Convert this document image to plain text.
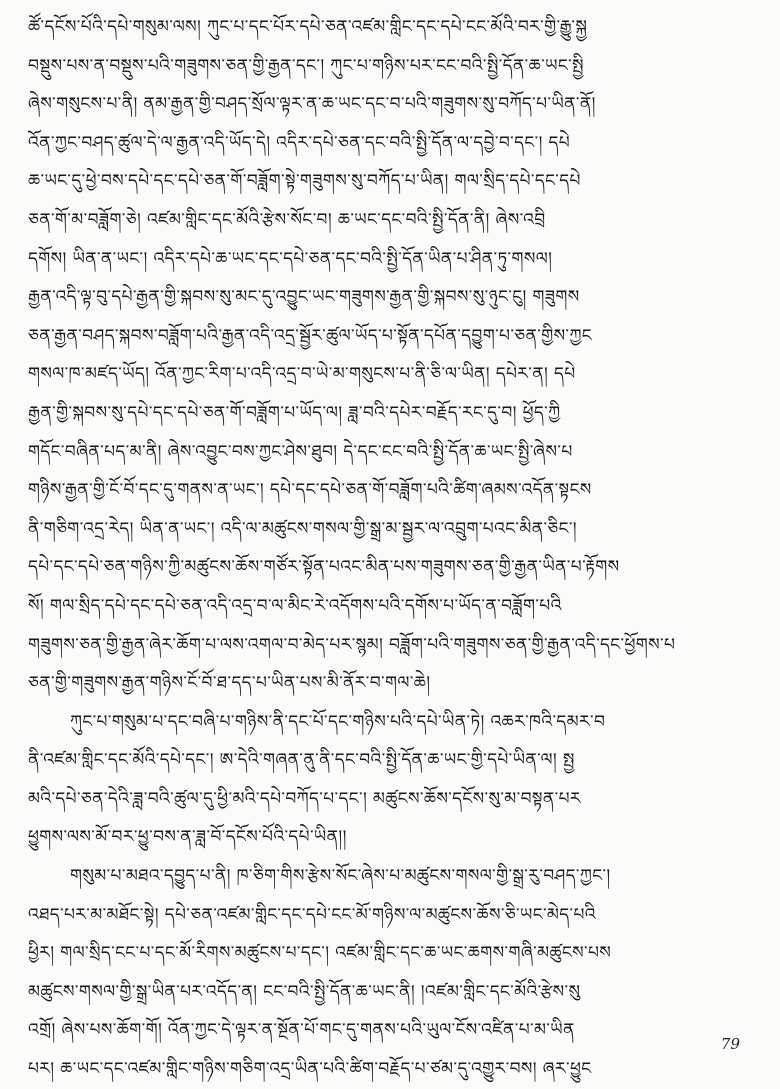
ཚོ་དངོས་པོའི་དཔེ་གསུམ་ལས། ཀུང་པ་དང་པོར་དཔེ་ཅན་འཛམ་གླིང་དང་དཔེ་ངང་མོའི་བར་གྱི་རྒྱུ་སྐྱ
བསྡུས་པས་ན་བསྡུས་པའི་གཟུགས་ཅན་གྱི་རྒྱན་དང་། ཀུང་པ་གཉིས་པར་ངང་བའི་སྤྱི་དོན་ཆ་ཡང་སྤྱི
ཞེས་གསུངས་པ་ནི། ནམ་རྒྱན་གྱི་བཤད་སྲོལ་ལྟར་ན་ཆ་ཡང་དང་བ་པའི་གཟུགས་སུ་བཀོད་པ་ཡིན་ནོ།
འོན་ཀྱང་བཤད་ཚུལ་དེ་ལ་རྒྱན་འདི་ཡོད་དེ། འདིར་དཔེ་ཅན་དང་བའི་སྤྱི་དོན་ལ་དབྱེ་བ་དང་། དཔེ
ཆ་ཡང་དུ་ཕྱེ་བས་དཔེ་དང་དཔེ་ཅན་གོ་བཟློག་སྟེ་གཟུགས་སུ་བཀོད་པ་ཡིན། གལ་སྲིད་དཔེ་དང་དཔེ
ཅན་གོ་མ་བཟློག་ཅེ། འཛམ་གླིང་དང་མོའི་རྩེས་སོང་བ། ཆ་ཡང་དང་བའི་སྤྱི་དོན་ནི། ཞེས་འབྲི
དགོས། ཡིན་ན་ཡང་། འདིར་དཔེ་ཆ་ཡང་དང་དཔེ་ཅན་དང་བའི་སྤྱི་དོན་ཡིན་པ་ཤིན་ཏུ་གསལ།
རྒྱན་འདི་ལྟ་བུ་དཔེ་རྒྱན་གྱི་སྐབས་སུ་མང་དུ་འབྱུང་ཡང་གཟུགས་རྒྱན་གྱི་སྐབས་སུ་ཉུང་ངུ། གཟུགས
ཅན་རྒྱན་བཤད་སྐབས་བཟློག་པའི་རྒྱན་འདི་འདྲ་སྦྱོར་ཚུལ་ཡོད་པ་སྟོན་དཔོན་དབྱུག་པ་ཅན་གྱིས་ཀྱང
གསལ་ཁ་མཛད་ཡོད། འོན་ཀྱང་རིག་པ་འདི་འདྲ་བ་ཡེ་མ་གསུངས་པ་ནི་ཅི་ལ་ཡིན། དཔེར་ན། དཔེ
རྒྱན་གྱི་སྐབས་སུ་དཔེ་དང་དཔེ་ཅན་གོ་བཟློག་པ་ཡོད་ལ། ཟླ་བའི་དཔེར་བརྗོད་རང་དུ་བ། ཕྱོད་ཀྱི
གདོང་བཞིན་པད་མ་ནི། ཞེས་འབྱུང་བས་ཀྱང་ཤེས་ཐུབ། དེ་དང་ངང་བའི་སྤྱི་དོན་ཆ་ཡང་སྤྱི་ཞེས་པ
གཉིས་རྒྱན་གྱི་ངོ་བོ་དང་དུ་གནས་ན་ཡང་། དཔེ་དང་དཔེ་ཅན་གོ་བཟློག་པའི་ཚིག་ཞམས་འདོན་སྟངས
ནི་གཅིག་འདྲ་རེད། ཡིན་ན་ཡང་། འདི་ལ་མཚུངས་གསལ་གྱི་སྒྲ་མ་སྦྱར་ལ་འབྲུག་པའང་མིན་ཅིང་།
དཔེ་དང་དཔེ་ཅན་གཉིས་ཀྱི་མཚུངས་ཆོས་གཙོར་སྟོན་པའང་མིན་པས་གཟུགས་ཅན་གྱི་རྒྱན་ཡིན་པ་རྟོགས
སོ། གལ་སྲིད་དཔེ་དང་དཔེ་ཅན་འདི་འདྲ་བ་ལ་མིང་རེ་འདོགས་པའི་དགོས་པ་ཡོད་ན་བཟློག་པའི
གཟུགས་ཅན་གྱི་རྒྱན་ཞེར་ཆོག་པ་ལས་འགལ་བ་མེད་པར་སྙམ། བཟློག་པའི་གཟུགས་ཅན་གྱི་རྒྱན་འདི་དང་ཕྱོགས་པ
ཅན་གྱི་གཟུགས་རྒྱན་གཉིས་ངོ་བོ་ཐ་དད་པ་ཡིན་པས་མི་ནོར་བ་གལ་ཆེ།
ཀུང་པ་གསུམ་པ་དང་བཞི་པ་གཉིས་ནི་དང་པོ་དང་གཉིས་པའི་དཔེ་ཡིན་ཏེ། འཆར་ཁའི་དམར་བ
ནི་འཛམ་གླིང་དང་མོའི་དཔེ་དང་། ཨ་དེའི་གཞན་ནུ་ནི་དང་བའི་སྤྱི་དོན་ཆ་ཡང་གྱི་དཔེ་ཡིན་ལ། སྤྱ
མའི་དཔེ་ཅན་དེའི་ཟླ་བའི་ཚུལ་དུ་ཕྱི་མའི་དཔེ་བཀོད་པ་དང་། མཚུངས་ཆོས་དངོས་སུ་མ་བསྟན་པར
ཕྱུགས་ལས་མོ་བར་ཕྱུ་བས་ན་ཟླ་བོ་དངོས་པོའི་དཔེ་ཡིན།།
གསུམ་པ་མཐའ་དབྱུད་པ་ནི། ཁ་ཅིག་གིས་རྩེས་སོང་ཞེས་པ་མཚུངས་གསལ་གྱི་སྒྲ་རུ་བཤད་ཀྱང་།
འཐད་པར་མ་མཐོང་སྟེ། དཔེ་ཅན་འཛམ་གླིང་དང་དཔེ་ངང་མོ་གཉིས་ལ་མཚུངས་ཆོས་ཅི་ཡང་མེད་པའི
ཕྱིར། གལ་སྲིད་ངང་པ་དང་མོ་རིགས་མཚུངས་པ་དང་། འཛམ་གླིང་དང་ཆ་ཡང་ཆགས་གཞི་མཚུངས་པས
མཚུངས་གསལ་གྱི་སྒྲ་ཡིན་པར་འདོད་ན། ངང་བའི་སྤྱི་དོན་ཆ་ཡང་ནི། །འཛམ་གླིང་དང་མོའི་རྩེས་སུ
འགྲོ། ཞེས་པས་ཆོག་གོ། འོན་ཀྱང་དེ་ལྟར་ན་སྔོན་པོ་གང་དུ་གནས་པའི་ཡུལ་ངོས་འཛིན་པ་མ་ཡིན
པར། ཆ་ཡང་དང་འཛམ་གླིང་གཉིས་གཅིག་འདྲ་ཡིན་པའི་ཚིག་བརྗོད་པ་ཙམ་དུ་འགྱུར་བས། ཞར་ཕྱུང
79
